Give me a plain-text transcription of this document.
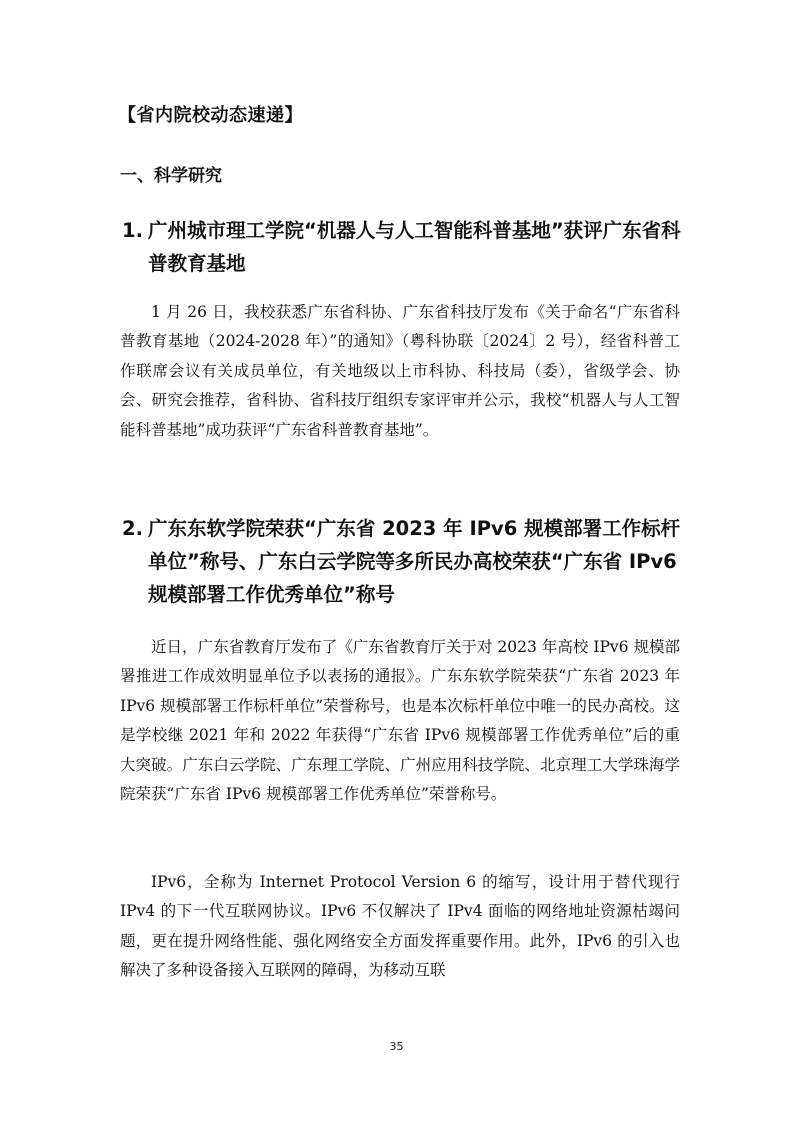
【省内院校动态速递】
一、科学研究
1. 广州城市理工学院“机器人与人工智能科普基地”获评广东省科普教育基地

1 月 26 日，我校获悉广东省科协、广东省科技厅发布《关于命名“广东省科普教育基地（2024-2028 年）”的通知》（粤科协联〔2024〕2 号），经省科普工作联席会议有关成员单位，有关地级以上市科协、科技局（委），省级学会、协会、研究会推荐，省科协、省科技厅组织专家评审并公示，我校“机器人与人工智能科普基地”成功获评“广东省科普教育基地”。

2. 广东东软学院荣获“广东省 2023 年 IPv6 规模部署工作标杆单位”称号、广东白云学院等多所民办高校荣获“广东省 IPv6 规模部署工作优秀单位”称号

近日，广东省教育厅发布了《广东省教育厅关于对 2023 年高校 IPv6 规模部署推进工作成效明显单位予以表扬的通报》。广东东软学院荣获“广东省 2023 年 IPv6 规模部署工作标杆单位”荣誉称号，也是本次标杆单位中唯一的民办高校。这是学校继 2021 年和 2022 年获得“广东省 IPv6 规模部署工作优秀单位”后的重大突破。广东白云学院、广东理工学院、广州应用科技学院、北京理工大学珠海学院荣获“广东省 IPv6 规模部署工作优秀单位”荣誉称号。

IPv6，全称为 Internet Protocol Version 6 的缩写，设计用于替代现行 IPv4 的下一代互联网协议。IPv6 不仅解决了 IPv4 面临的网络地址资源枯竭问题，更在提升网络性能、强化网络安全方面发挥重要作用。此外，IPv6 的引入也解决了多种设备接入互联网的障碍，为移动互联

35
